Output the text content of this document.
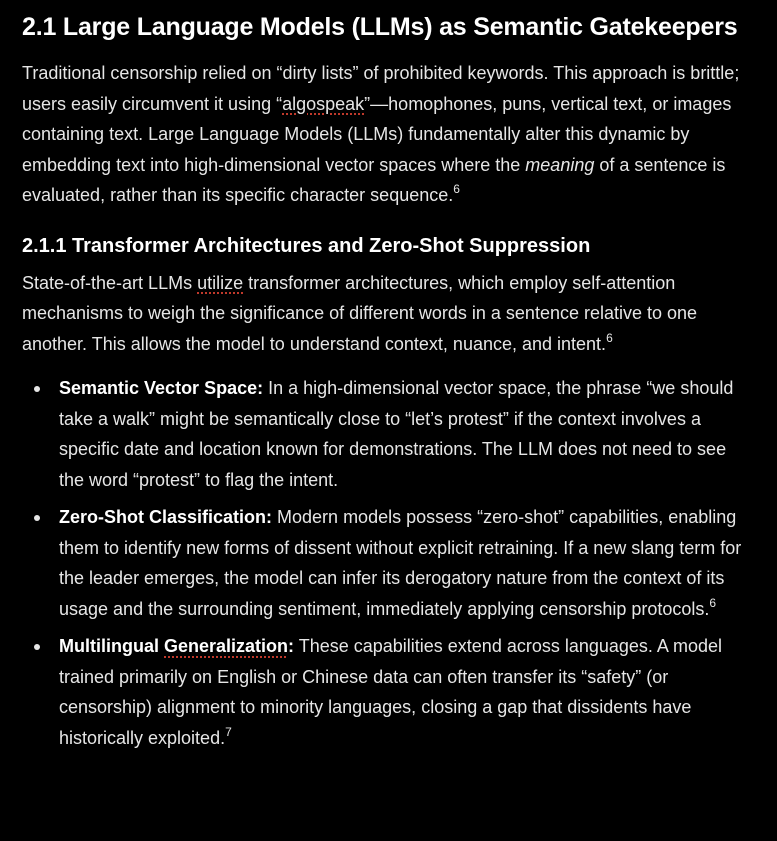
2.1 Large Language Models (LLMs) as Semantic Gatekeepers

Traditional censorship relied on “dirty lists” of prohibited keywords. This approach is brittle; users easily circumvent it using “algospeak”—homophones, puns, vertical text, or images containing text. Large Language Models (LLMs) fundamentally alter this dynamic by embedding text into high-dimensional vector spaces where the meaning of a sentence is evaluated, rather than its specific character sequence.$^6$

2.1.1 Transformer Architectures and Zero-Shot Suppression

State-of-the-art LLMs utilize transformer architectures, which employ self-attention mechanisms to weigh the significance of different words in a sentence relative to one another. This allows the model to understand context, nuance, and intent.$^6$

Semantic Vector Space: In a high-dimensional vector space, the phrase “we should take a walk” might be semantically close to “let’s protest” if the context involves a specific date and location known for demonstrations. The LLM does not need to see the word “protest” to flag the intent.
Zero-Shot Classification: Modern models possess “zero-shot” capabilities, enabling them to identify new forms of dissent without explicit retraining. If a new slang term for the leader emerges, the model can infer its derogatory nature from the context of its usage and the surrounding sentiment, immediately applying censorship protocols.$^6$
Multilingual Generalization: These capabilities extend across languages. A model trained primarily on English or Chinese data can often transfer its “safety” (or censorship) alignment to minority languages, closing a gap that dissidents have historically exploited.$^7$
